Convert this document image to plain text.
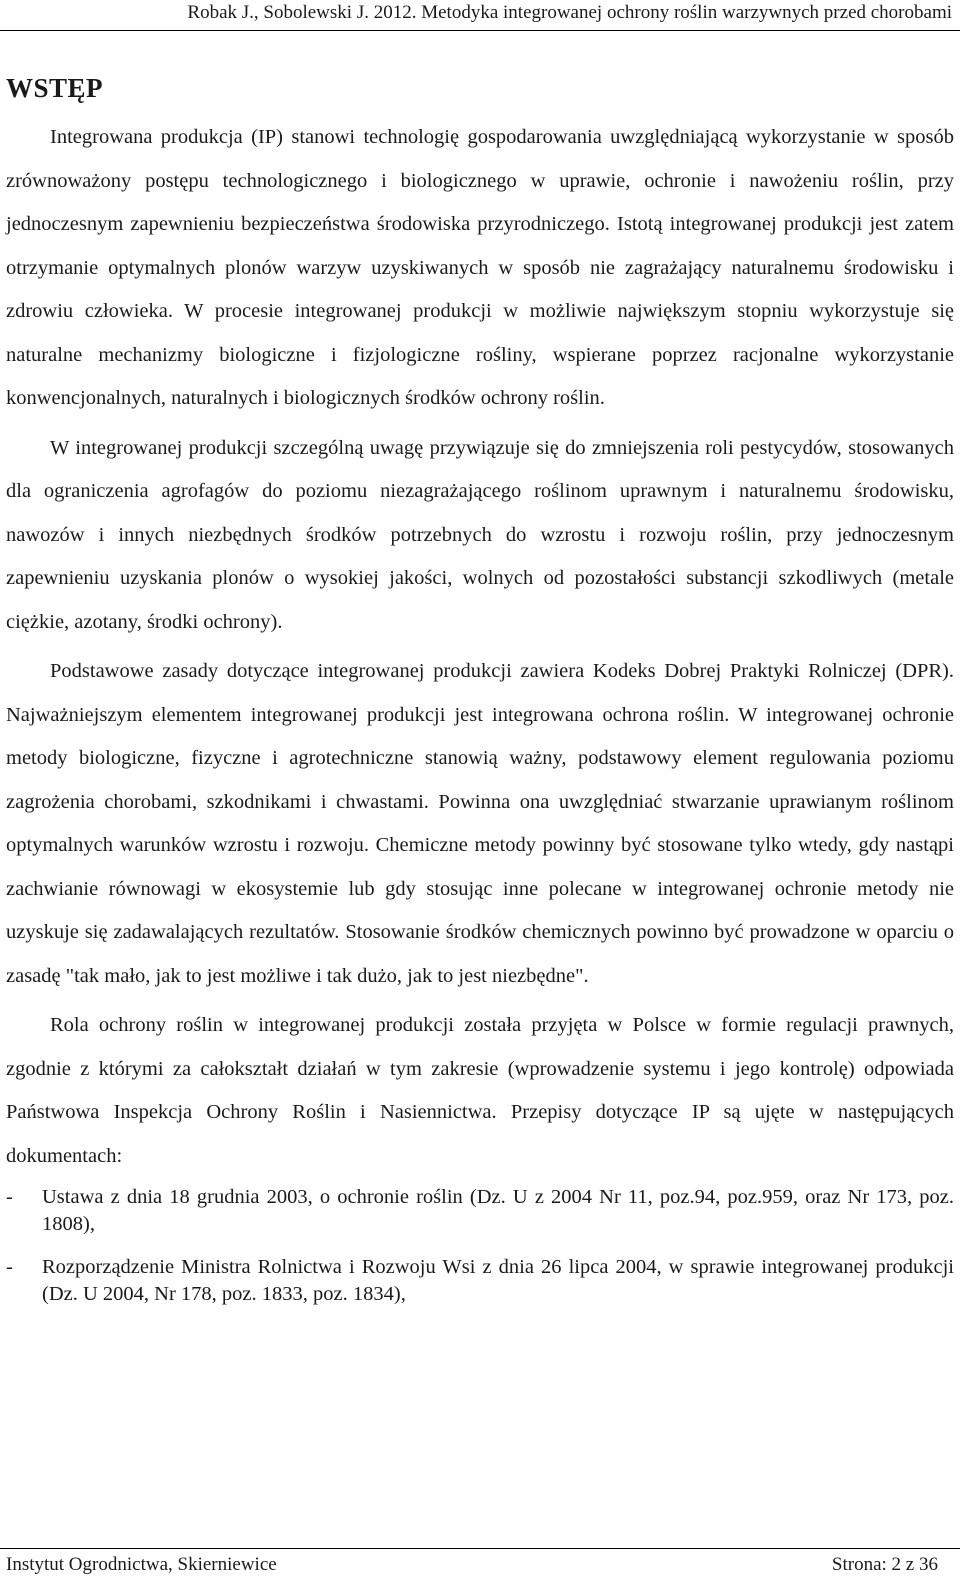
Robak J., Sobolewski J. 2012. Metodyka integrowanej ochrony roślin warzywnych przed chorobami
WSTĘP

Integrowana produkcja (IP) stanowi technologię gospodarowania uwzględniającą wykorzystanie w sposób zrównoważony postępu technologicznego i biologicznego w uprawie, ochronie i nawożeniu roślin, przy jednoczesnym zapewnieniu bezpieczeństwa środowiska przyrodniczego. Istotą integrowanej produkcji jest zatem otrzymanie optymalnych plonów warzyw uzyskiwanych w sposób nie zagrażający naturalnemu środowisku i zdrowiu człowieka. W procesie integrowanej produkcji w możliwie największym stopniu wykorzystuje się naturalne mechanizmy biologiczne i fizjologiczne rośliny, wspierane poprzez racjonalne wykorzystanie konwencjonalnych, naturalnych i biologicznych środków ochrony roślin.

W integrowanej produkcji szczególną uwagę przywiązuje się do zmniejszenia roli pestycydów, stosowanych dla ograniczenia agrofagów do poziomu niezagrażającego roślinom uprawnym i naturalnemu środowisku, nawozów i innych niezbędnych środków potrzebnych do wzrostu i rozwoju roślin, przy jednoczesnym zapewnieniu uzyskania plonów o wysokiej jakości, wolnych od pozostałości substancji szkodliwych (metale ciężkie, azotany, środki ochrony).

Podstawowe zasady dotyczące integrowanej produkcji zawiera Kodeks Dobrej Praktyki Rolniczej (DPR). Najważniejszym elementem integrowanej produkcji jest integrowana ochrona roślin. W integrowanej ochronie metody biologiczne, fizyczne i agrotechniczne stanowią ważny, podstawowy element regulowania poziomu zagrożenia chorobami, szkodnikami i chwastami. Powinna ona uwzględniać stwarzanie uprawianym roślinom optymalnych warunków wzrostu i rozwoju. Chemiczne metody powinny być stosowane tylko wtedy, gdy nastąpi zachwianie równowagi w ekosystemie lub gdy stosując inne polecane w integrowanej ochronie metody nie uzyskuje się zadawalających rezultatów. Stosowanie środków chemicznych powinno być prowadzone w oparciu o zasadę "tak mało, jak to jest możliwe i tak dużo, jak to jest niezbędne".

Rola ochrony roślin w integrowanej produkcji została przyjęta w Polsce w formie regulacji prawnych, zgodnie z którymi za całokształt działań w tym zakresie (wprowadzenie systemu i jego kontrolę) odpowiada Państwowa Inspekcja Ochrony Roślin i Nasiennictwa. Przepisy dotyczące IP są ujęte w następujących dokumentach:

- Ustawa z dnia 18 grudnia 2003, o ochronie roślin (Dz. U z 2004 Nr 11, poz.94, poz.959, oraz Nr 173, poz. 1808),
- Rozporządzenie Ministra Rolnictwa i Rozwoju Wsi z dnia 26 lipca 2004, w sprawie integrowanej produkcji (Dz. U 2004, Nr 178, poz. 1833, poz. 1834),
Instytut Ogrodnictwa, Skierniewice	Strona: 2 z 36
